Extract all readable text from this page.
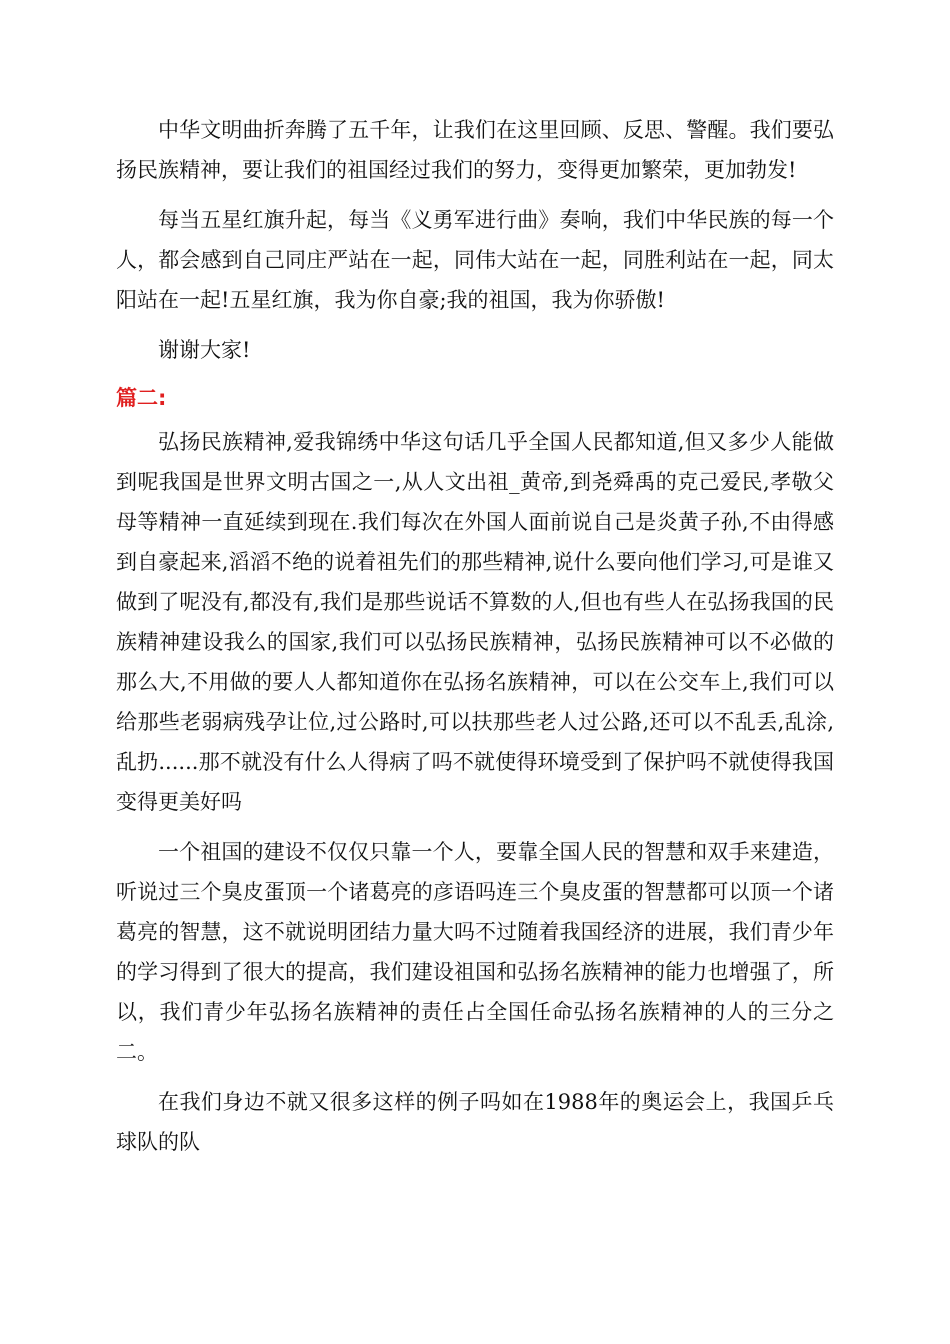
中华文明曲折奔腾了五千年，让我们在这里回顾、反思、警醒。我们要弘扬民族精神，要让我们的祖国经过我们的努力，变得更加繁荣，更加勃发!

每当五星红旗升起，每当《义勇军进行曲》奏响，我们中华民族的每一个人，都会感到自己同庄严站在一起，同伟大站在一起，同胜利站在一起，同太阳站在一起!五星红旗，我为你自豪;我的祖国，我为你骄傲!

谢谢大家!

篇二:

弘扬民族精神,爱我锦绣中华这句话几乎全国人民都知道,但又多少人能做到呢我国是世界文明古国之一,从人文出祖_黄帝,到尧舜禹的克己爱民,孝敬父母等精神一直延续到现在.我们每次在外国人面前说自己是炎黄子孙,不由得感到自豪起来,滔滔不绝的说着祖先们的那些精神,说什么要向他们学习,可是谁又做到了呢没有,都没有,我们是那些说话不算数的人,但也有些人在弘扬我国的民族精神建设我么的国家,我们可以弘扬民族精神，弘扬民族精神可以不必做的那么大,不用做的要人人都知道你在弘扬名族精神，可以在公交车上,我们可以给那些老弱病残孕让位,过公路时,可以扶那些老人过公路,还可以不乱丢,乱涂,乱扔......那不就没有什么人得病了吗不就使得环境受到了保护吗不就使得我国变得更美好吗

一个祖国的建设不仅仅只靠一个人，要靠全国人民的智慧和双手来建造，听说过三个臭皮蛋顶一个诸葛亮的彦语吗连三个臭皮蛋的智慧都可以顶一个诸葛亮的智慧，这不就说明团结力量大吗不过随着我国经济的进展，我们青少年的学习得到了很大的提高，我们建设祖国和弘扬名族精神的能力也增强了，所以，我们青少年弘扬名族精神的责任占全国任命弘扬名族精神的人的三分之二。

在我们身边不就又很多这样的例子吗如在1988年的奥运会上，我国乒乓球队的队
